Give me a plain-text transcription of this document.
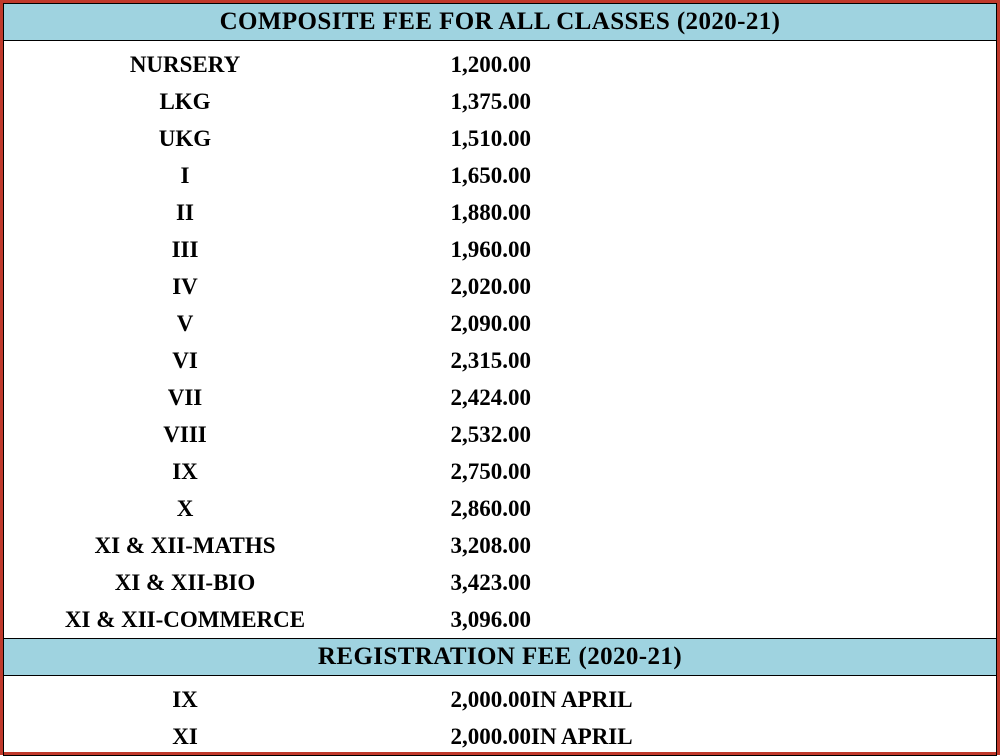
COMPOSITE FEE FOR ALL CLASSES (2020-21)

NURSERY	1,200.00	
LKG	1,375.00	
UKG	1,510.00	
I	1,650.00	
II	1,880.00	
III	1,960.00	
IV	2,020.00	
V	2,090.00	
VI	2,315.00	
VII	2,424.00	
VIII	2,532.00	
IX	2,750.00	
X	2,860.00	
XI & XII-MATHS	3,208.00	
XI & XII-BIO	3,423.00	
XI & XII-COMMERCE	3,096.00	

REGISTRATION FEE (2020-21)

IX	2,000.00	IN APRIL
XI	2,000.00	IN APRIL
